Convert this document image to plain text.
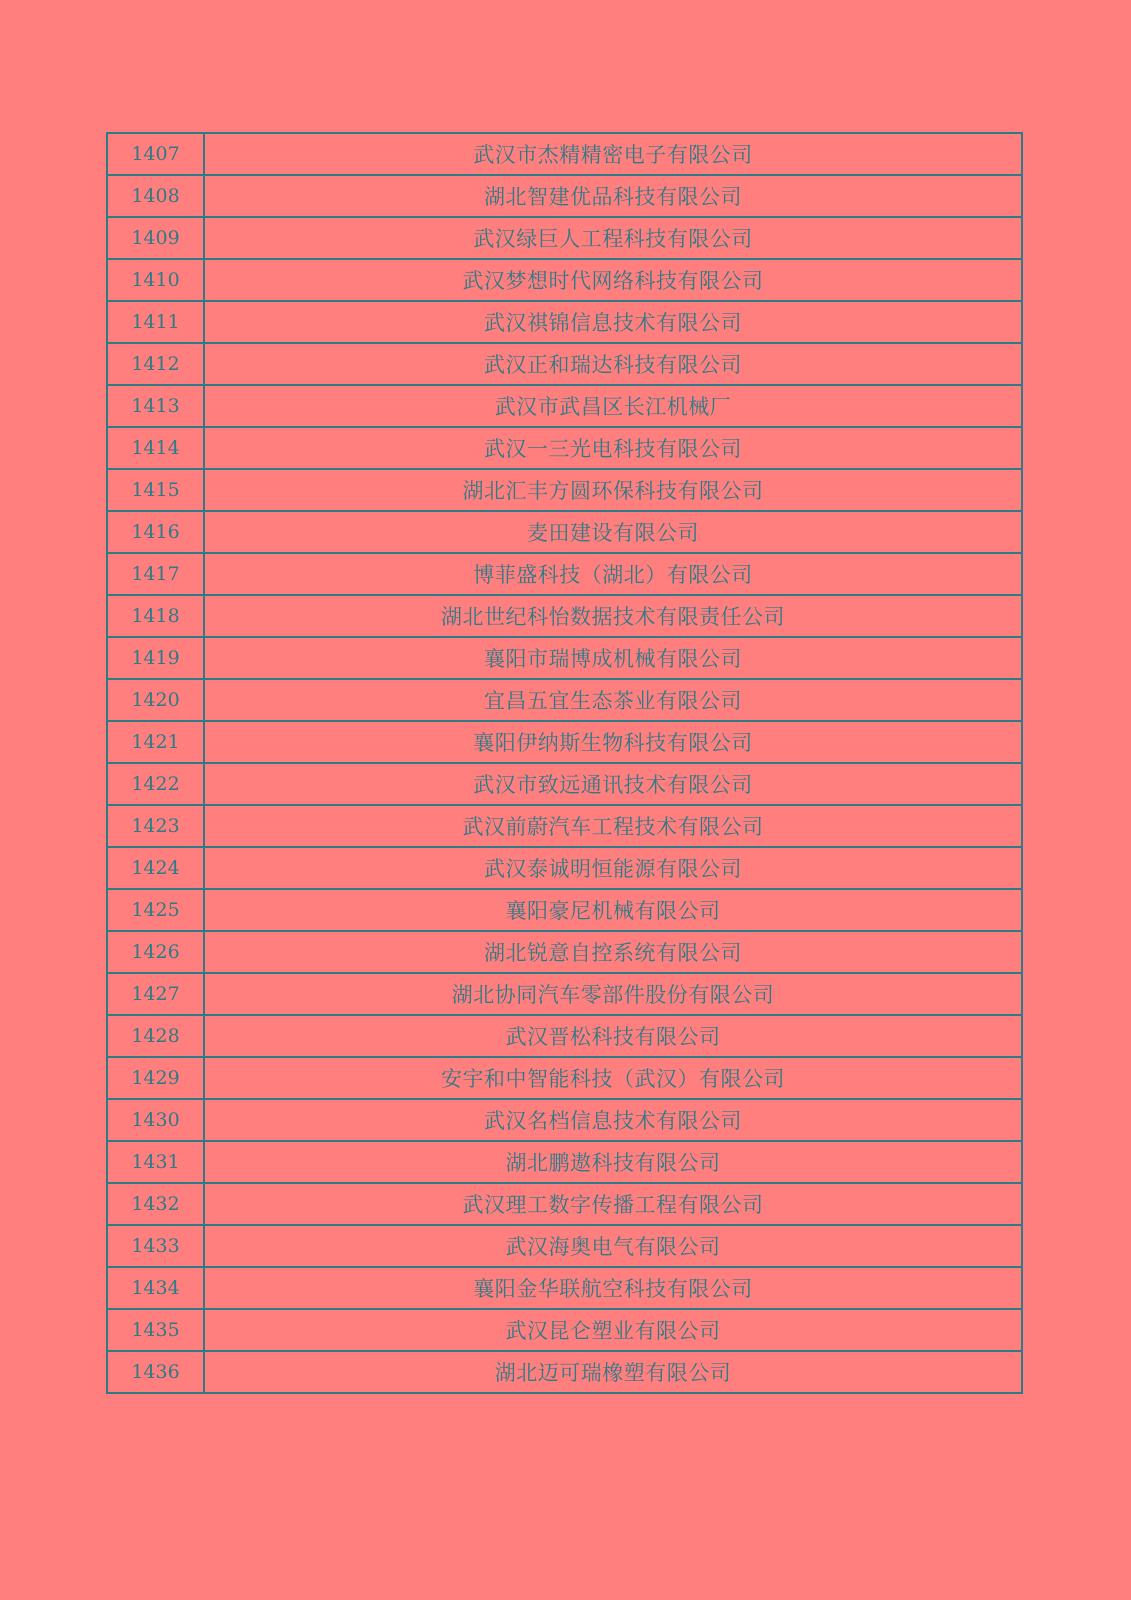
1407	武汉市杰精精密电子有限公司
1408	湖北智建优品科技有限公司
1409	武汉绿巨人工程科技有限公司
1410	武汉梦想时代网络科技有限公司
1411	武汉祺锦信息技术有限公司
1412	武汉正和瑞达科技有限公司
1413	武汉市武昌区长江机械厂
1414	武汉一三光电科技有限公司
1415	湖北汇丰方圆环保科技有限公司
1416	麦田建设有限公司
1417	博菲盛科技（湖北）有限公司
1418	湖北世纪科怡数据技术有限责任公司
1419	襄阳市瑞博成机械有限公司
1420	宜昌五宜生态茶业有限公司
1421	襄阳伊纳斯生物科技有限公司
1422	武汉市致远通讯技术有限公司
1423	武汉前蔚汽车工程技术有限公司
1424	武汉泰诚明恒能源有限公司
1425	襄阳豪尼机械有限公司
1426	湖北锐意自控系统有限公司
1427	湖北协同汽车零部件股份有限公司
1428	武汉晋松科技有限公司
1429	安宇和中智能科技（武汉）有限公司
1430	武汉名档信息技术有限公司
1431	湖北鹏遨科技有限公司
1432	武汉理工数字传播工程有限公司
1433	武汉海奥电气有限公司
1434	襄阳金华联航空科技有限公司
1435	武汉昆仑塑业有限公司
1436	湖北迈可瑞橡塑有限公司
